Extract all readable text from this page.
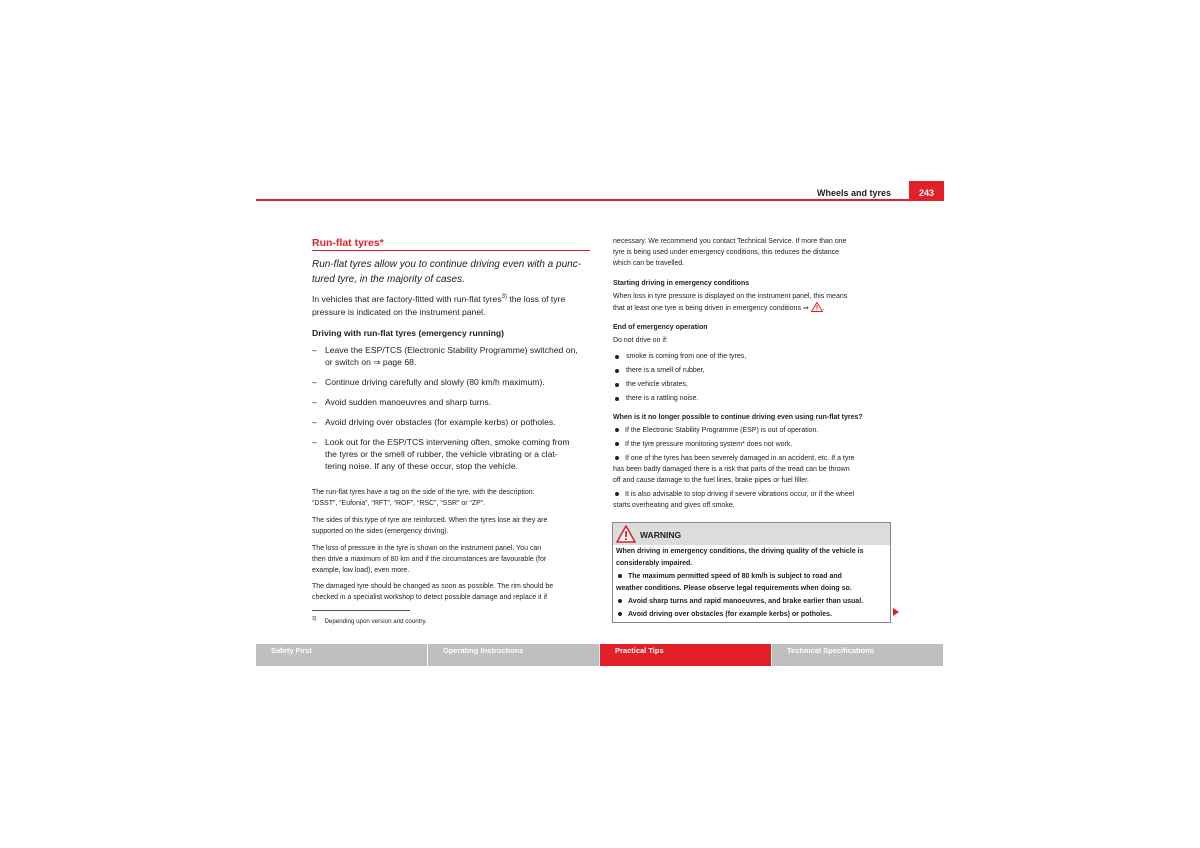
Wheels and tyres	243
Run-flat tyres*
Run-flat tyres allow you to continue driving even with a punc-
tured tyre, in the majority of cases.
In vehicles that are factory-fitted with run-flat tyres$^{3)}$ the loss of tyre
pressure is indicated on the instrument panel.
Driving with run-flat tyres (emergency running)
– Leave the ESP/TCS (Electronic Stability Programme) switched on,
or switch on ⇒ page 68.
– Continue driving carefully and slowly (80 km/h maximum).
– Avoid sudden manoeuvres and sharp turns.
– Avoid driving over obstacles (for example kerbs) or potholes.
– Look out for the ESP/TCS intervening often, smoke coming from
the tyres or the smell of rubber, the vehicle vibrating or a clat-
tering noise. If any of these occur, stop the vehicle.
The run-flat tyres have a tag on the side of the tyre, with the description:
“DSST”, “Eufonia”, “RFT”, “ROF”, “RSC”, “SSR” or “ZP”.
The sides of this type of tyre are reinforced. When the tyres lose air they are
supported on the sides (emergency driving).
The loss of pressure in the tyre is shown on the instrument panel. You can
then drive a maximum of 80 km and if the circumstances are favourable (for
example, low load), even more.
The damaged tyre should be changed as soon as possible. The rim should be
checked in a specialist workshop to detect possible damage and replace it if
$^{3)}$ Depending upon version and country.
necessary. We recommend you contact Technical Service. If more than one
tyre is being used under emergency conditions, this reduces the distance
which can be travelled.
Starting driving in emergency conditions
When loss in tyre pressure is displayed on the instrument panel, this means
that at least one tyre is being driven in emergency conditions ⇒ .
End of emergency operation
Do not drive on if:
smoke is coming from one of the tyres,
there is a smell of rubber,
the vehicle vibrates,
there is a rattling noise.
When is it no longer possible to continue driving even using run-flat tyres?
If the Electronic Stability Programme (ESP) is out of operation.
If the tyre pressure monitoring system* does not work.
If one of the tyres has been severely damaged in an accident, etc. If a tyre
has been badly damaged there is a risk that parts of the tread can be thrown
off and cause damage to the fuel lines, brake pipes or fuel filler.
It is also advisable to stop driving if severe vibrations occur, or if the wheel
starts overheating and gives off smoke.
WARNING
When driving in emergency conditions, the driving quality of the vehicle is
considerably impaired.
The maximum permitted speed of 80 km/h is subject to road and
weather conditions. Please observe legal requirements when doing so.
Avoid sharp turns and rapid manoeuvres, and brake earlier than usual.
Avoid driving over obstacles (for example kerbs) or potholes.
Safety First	Operating Instructions	Practical Tips	Technical Specifications
